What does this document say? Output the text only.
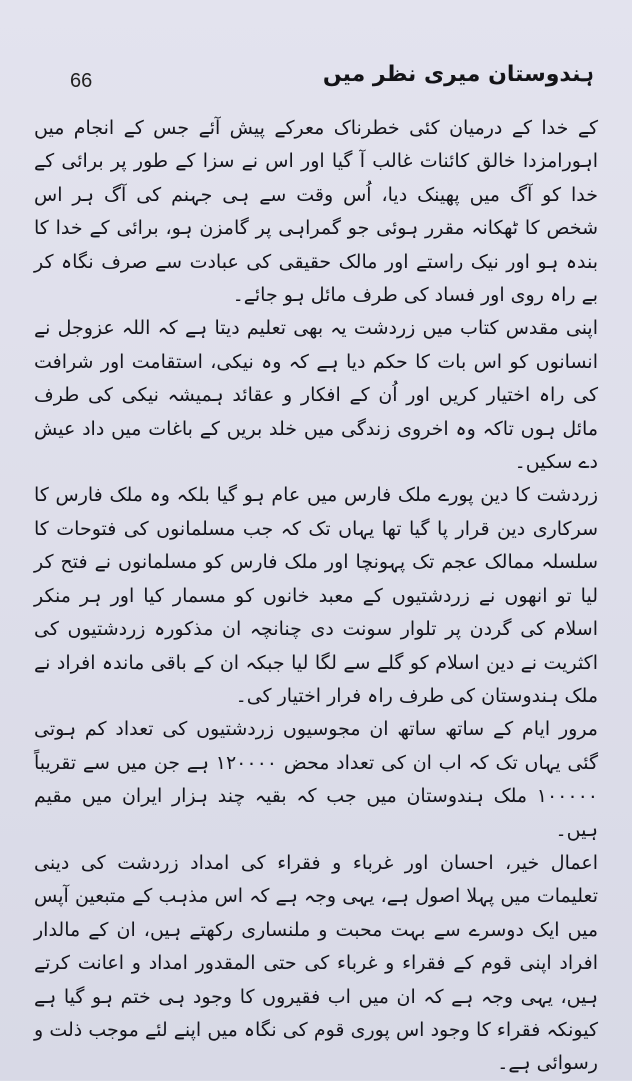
ہندوستان میری نظر میں
66

کے خدا کے درمیان کئی خطرناک معرکے پیش آئے جس کے انجام میں اہورامزدا خالق کائنات غالب آ گیا اور اس نے سزا کے طور پر برائی کے خدا کو آگ میں پھینک دیا، اُس وقت سے ہی جہنم کی آگ ہر اس شخص کا ٹھکانہ مقرر ہوئی جو گمراہی پر گامزن ہو، برائی کے خدا کا بندہ ہو اور نیک راستے اور مالک حقیقی کی عبادت سے صرف نگاہ کر بے راہ روی اور فساد کی طرف مائل ہو جائے۔

اپنی مقدس کتاب میں زردشت یہ بھی تعلیم دیتا ہے کہ اللہ عزوجل نے انسانوں کو اس بات کا حکم دیا ہے کہ وہ نیکی، استقامت اور شرافت کی راہ اختیار کریں اور اُن کے افکار و عقائد ہمیشہ نیکی کی طرف مائل ہوں تاکہ وہ اخروی زندگی میں خلد بریں کے باغات میں داد عیش دے سکیں۔

زردشت کا دین پورے ملک فارس میں عام ہو گیا بلکہ وہ ملک فارس کا سرکاری دین قرار پا گیا تھا یہاں تک کہ جب مسلمانوں کی فتوحات کا سلسلہ ممالک عجم تک پہونچا اور ملک فارس کو مسلمانوں نے فتح کر لیا تو انھوں نے زردشتیوں کے معبد خانوں کو مسمار کیا اور ہر منکر اسلام کی گردن پر تلوار سونت دی چنانچہ ان مذکورہ زردشتیوں کی اکثریت نے دین اسلام کو گلے سے لگا لیا جبکہ ان کے باقی ماندہ افراد نے ملک ہندوستان کی طرف راہ فرار اختیار کی۔

مرور ایام کے ساتھ ساتھ ان مجوسیوں زردشتیوں کی تعداد کم ہوتی گئی یہاں تک کہ اب ان کی تعداد محض ۱۲۰۰۰۰ ہے جن میں سے تقریباً ۱۰۰۰۰۰ ملک ہندوستان میں جب کہ بقیہ چند ہزار ایران میں مقیم ہیں۔

اعمال خیر، احسان اور غرباء و فقراء کی امداد زردشت کی دینی تعلیمات میں پہلا اصول ہے، یہی وجہ ہے کہ اس مذہب کے متبعین آپس میں ایک دوسرے سے بہت محبت و ملنساری رکھتے ہیں، ان کے مالدار افراد اپنی قوم کے فقراء و غرباء کی حتی المقدور امداد و اعانت کرتے ہیں، یہی وجہ ہے کہ ان میں اب فقیروں کا وجود ہی ختم ہو گیا ہے کیونکہ فقراء کا وجود اس پوری قوم کی نگاہ میں اپنے لئے موجب ذلت و رسوائی ہے۔
